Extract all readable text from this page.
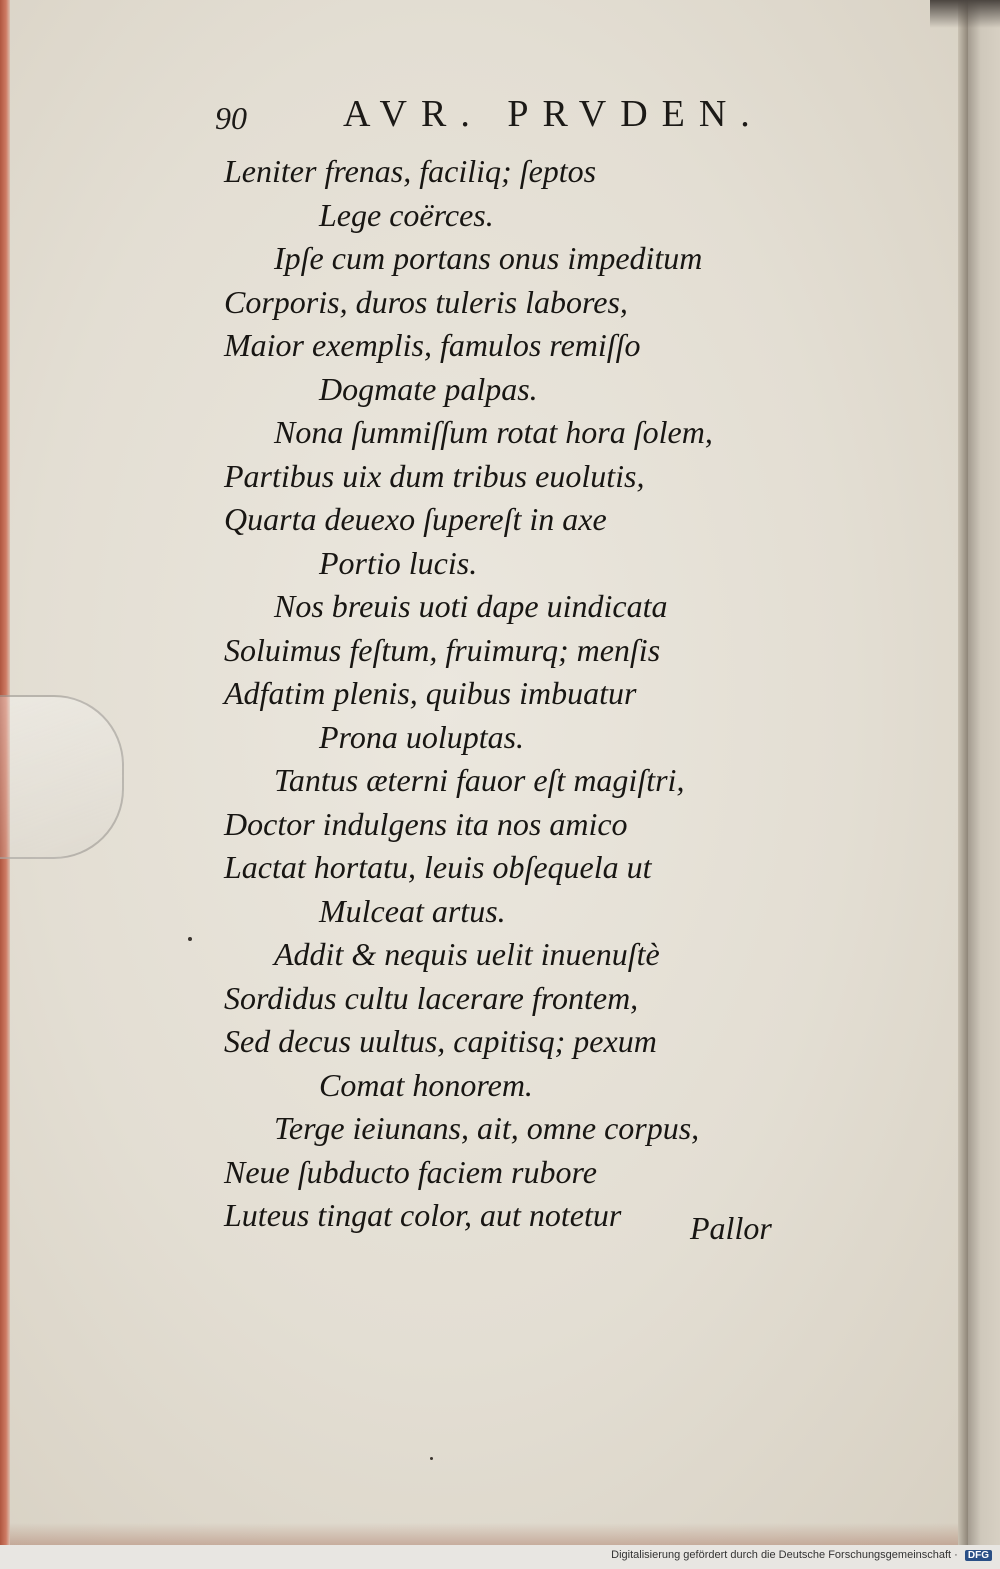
90	AVR. PRVDEN.
Leniter frenas, faciliq; ſeptos
Lege coërces.
Ipſe cum portans onus impeditum
Corporis, duros tuleris labores,
Maior exemplis, famulos remiſſo
Dogmate palpas.
Nona ſummiſſum rotat hora ſolem,
Partibus uix dum tribus euolutis,
Quarta deuexo ſupereſt in axe
Portio lucis.
Nos breuis uoti dape uindicata
Soluimus feſtum, fruimurq; menſis
Adfatim plenis, quibus imbuatur
Prona uoluptas.
Tantus æterni fauor eſt magiſtri,
Doctor indulgens ita nos amico
Lactat hortatu, leuis obſequela ut
Mulceat artus.
Addit & nequis uelit inuenuſtè
Sordidus cultu lacerare frontem,
Sed decus uultus, capitisq; pexum
Comat honorem.
Terge ieiunans, ait, omne corpus,
Neue ſubducto faciem rubore
Luteus tingat color, aut notetur	Pallor
Digitalisierung gefördert durch die Deutsche Forschungsgemeinschaft · DFG
